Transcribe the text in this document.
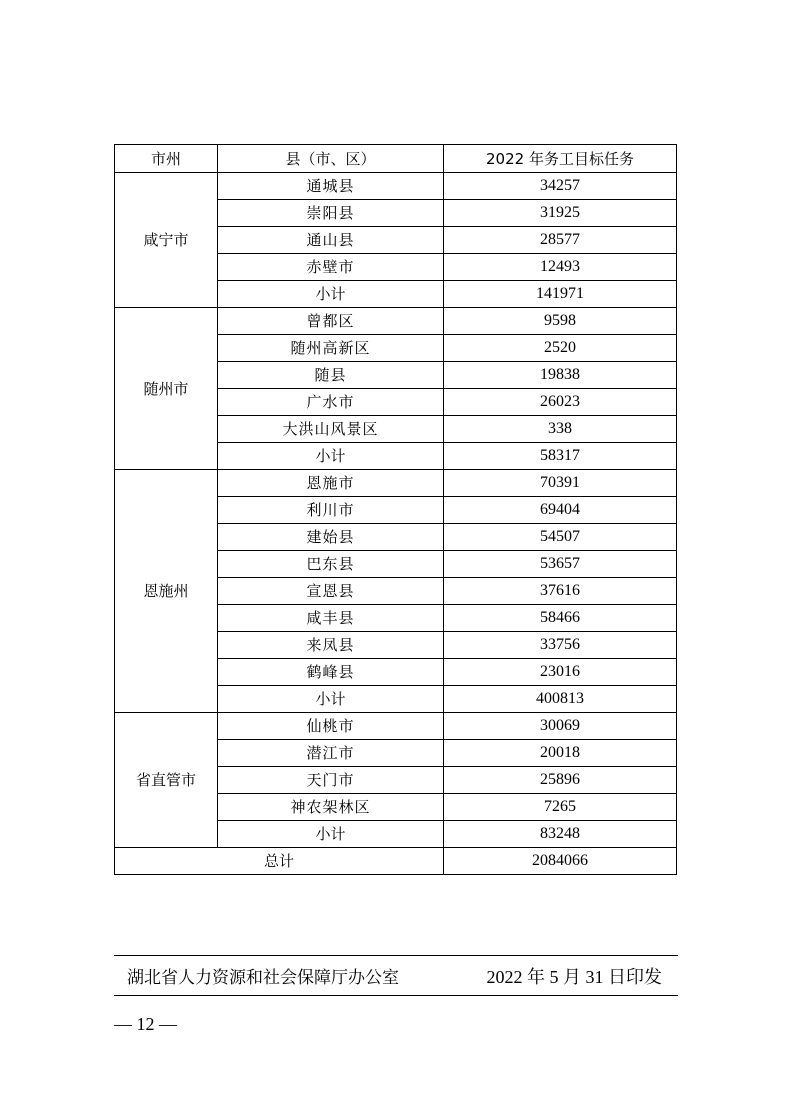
市州	县（市、区）	2022 年务工目标任务
咸宁市	通城县	34257
	崇阳县	31925
	通山县	28577
	赤壁市	12493
	小计	141971
随州市	曾都区	9598
	随州高新区	2520
	随县	19838
	广水市	26023
	大洪山风景区	338
	小计	58317
恩施州	恩施市	70391
	利川市	69404
	建始县	54507
	巴东县	53657
	宣恩县	37616
	咸丰县	58466
	来凤县	33756
	鹤峰县	23016
	小计	400813
省直管市	仙桃市	30069
	潜江市	20018
	天门市	25896
	神农架林区	7265
	小计	83248
总计		2084066
湖北省人力资源和社会保障厅办公室	2022 年 5 月 31 日印发
— 12 —
